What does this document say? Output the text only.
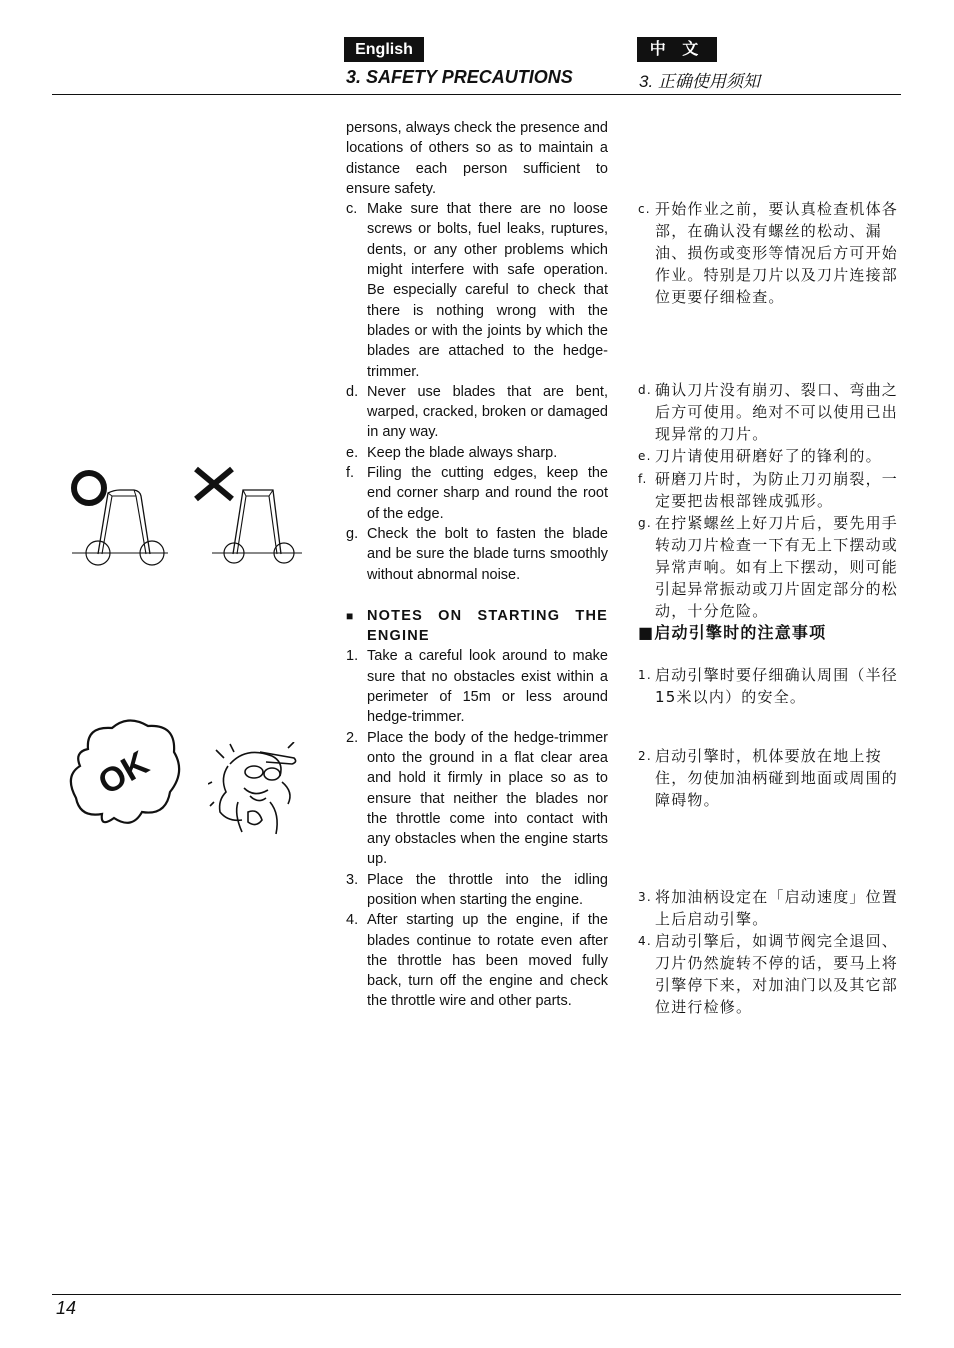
English	中 文
3. SAFETY PRECAUTIONS	3. 正确使用须知
persons, always check the presence and locations of others so as to maintain a distance each person sufficient to ensure safety.
c. Make sure that there are no loose screws or bolts, fuel leaks, ruptures, dents, or any other problems which might interfere with safe operation. Be especially careful to check that there is nothing wrong with the blades or with the joints by which the blades are attached to the hedge-trimmer.
d. Never use blades that are bent, warped, cracked, broken or damaged in any way.
e. Keep the blade always sharp.
f. Filing the cutting edges, keep the end corner sharp and round the root of the edge.
g. Check the bolt to fasten the blade and be sure the blade turns smoothly without abnormal noise.
■ NOTES ON STARTING THE ENGINE
1. Take a careful look around to make sure that no obstacles exist within a perimeter of 15m or less around hedge-trimmer.
2. Place the body of the hedge-trimmer onto the ground in a flat clear area and hold it firmly in place so as to ensure that neither the blades nor the throttle come into contact with any obstacles when the engine starts up.
3. Place the throttle into the idling position when starting the engine.
4. After starting up the engine, if the blades continue to rotate even after the throttle has been moved fully back, turn off the engine and check the throttle wire and other parts.
c. 开始作业之前，要认真检查机体各部，在确认没有螺丝的松动、漏油、损伤或变形等情况后方可开始作业。特别是刀片以及刀片连接部位更要仔细检查。
d. 确认刀片没有崩刃、裂口、弯曲之后方可使用。绝对不可以使用已出现异常的刀片。
e. 刀片请使用研磨好了的锋利的。
f. 研磨刀片时，为防止刀刃崩裂，一定要把齿根部锉成弧形。
g. 在拧紧螺丝上好刀片后，要先用手转动刀片检查一下有无上下摆动或异常声响。如有上下摆动，则可能引起异常振动或刀片固定部分的松动，十分危险。
■启动引擎时的注意事项
1. 启动引擎时要仔细确认周围（半径15米以内）的安全。
2. 启动引擎时，机体要放在地上按住，勿使加油柄碰到地面或周围的障碍物。
3. 将加油柄设定在「启动速度」位置上后启动引擎。
4. 启动引擎后，如调节阀完全退回、刀片仍然旋转不停的话，要马上将引擎停下来，对加油门以及其它部位进行检修。
OK
14
